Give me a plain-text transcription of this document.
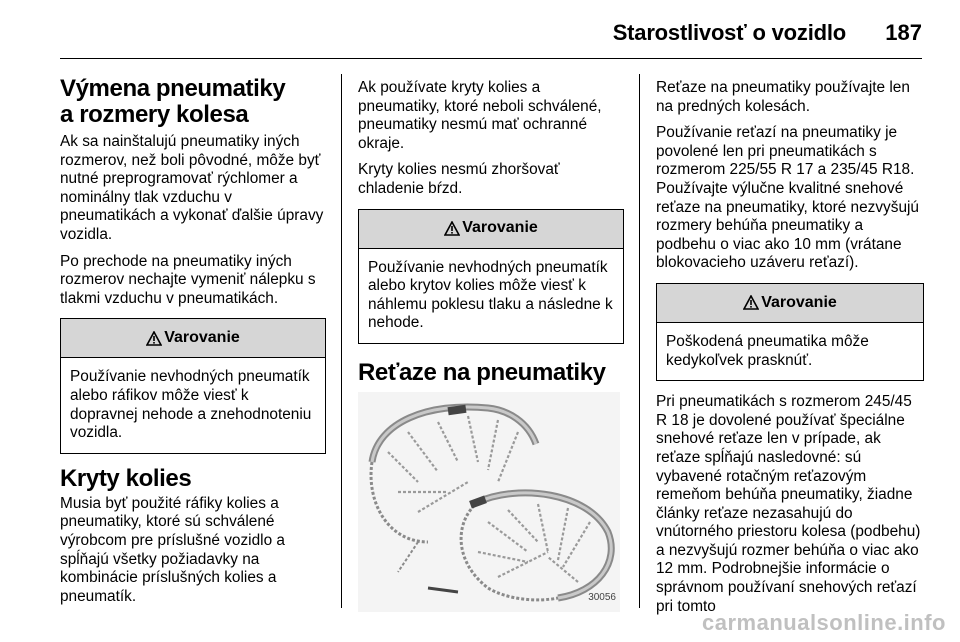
Starostlivosť o vozidlo 187
Výmena pneumatiky
a rozmery kolesa

Ak sa nainštalujú pneumatiky iných rozmerov, než boli pôvodné, môže byť nutné preprogramovať rýchlomer a nominálny tlak vzduchu v pneumatikách a vykonať ďalšie úpravy vozidla.

Po prechode na pneumatiky iných rozmerov nechajte vymeniť nálepku s tlakmi vzduchu v pneumatikách.

Varovanie
Používanie nevhodných pneumatík alebo ráfikov môže viesť k dopravnej nehode a znehodnoteniu vozidla.
Kryty kolies

Musia byť použité ráfiky kolies a pneumatiky, ktoré sú schválené výrobcom pre príslušné vozidlo a spĺňajú všetky požiadavky na kombinácie príslušných kolies a pneumatík.

Ak používate kryty kolies a pneumatiky, ktoré neboli schválené, pneumatiky nesmú mať ochranné okraje.

Kryty kolies nesmú zhoršovať chladenie bŕzd.

Varovanie
Používanie nevhodných pneumatík alebo krytov kolies môže viesť k náhlemu poklesu tlaku a následne k nehode.
Reťaze na pneumatiky
30056

Reťaze na pneumatiky používajte len na predných kolesách.

Používanie reťazí na pneumatiky je povolené len pri pneumatikách s rozmerom 225/55 R 17 a 235/45 R18. Používajte výlučne kvalitné snehové reťaze na pneumatiky, ktoré nezvyšujú rozmery behúňa pneumatiky a podbehu o viac ako 10 mm (vrátane blokovacieho uzáveru reťazí).

Varovanie
Poškodená pneumatika môže kedykoľvek prasknúť.

Pri pneumatikách s rozmerom 245/45 R 18 je dovolené používať špeciálne snehové reťaze len v prípade, ak reťaze spĺňajú nasledovné: sú vybavené rotačným reťazovým remeňom behúňa pneumatiky, žiadne články reťaze nezasahujú do vnútorného priestoru kolesa (podbehu) a nezvyšujú rozmer behúňa o viac ako 12 mm. Podrobnejšie informácie o správnom používaní snehových reťazí pri tomto

carmanualsonline.info
